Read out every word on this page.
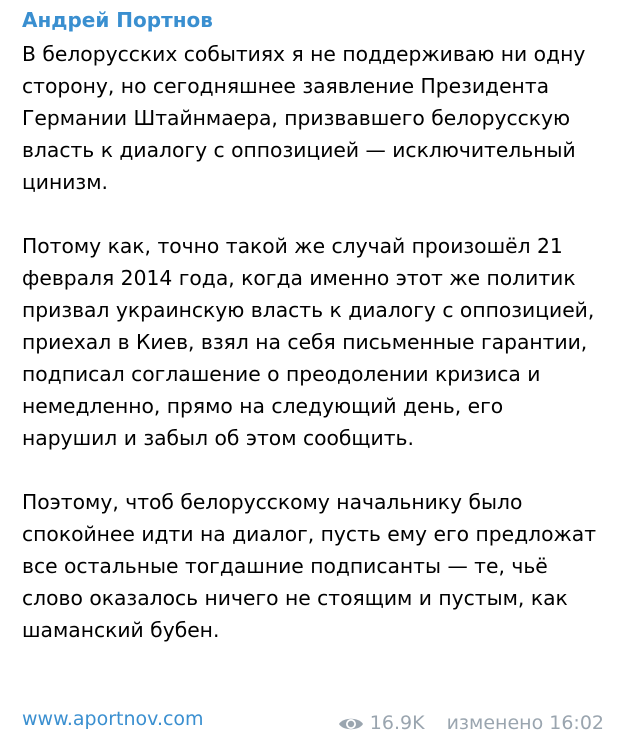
Андрей Портнов

В белорусских событиях я не поддерживаю ни одну сторону, но сегодняшнее заявление Президента Германии Штайнмаера, призвавшего белорусскую власть к диалогу с оппозицией — исключительный цинизм.

Потому как, точно такой же случай произошёл 21 февраля 2014 года, когда именно этот же политик призвал украинскую власть к диалогу с оппозицией, приехал в Киев, взял на себя письменные гарантии, подписал соглашение о преодолении кризиса и немедленно, прямо на следующий день, его нарушил и забыл об этом сообщить.

Поэтому, чтоб белорусскому начальнику было спокойнее идти на диалог, пусть ему его предложат все остальные тогдашние подписанты — те, чьё слово оказалось ничего не стоящим и пустым, как шаманский бубен.

www.aportnov.com	16.9K изменено 16:02
